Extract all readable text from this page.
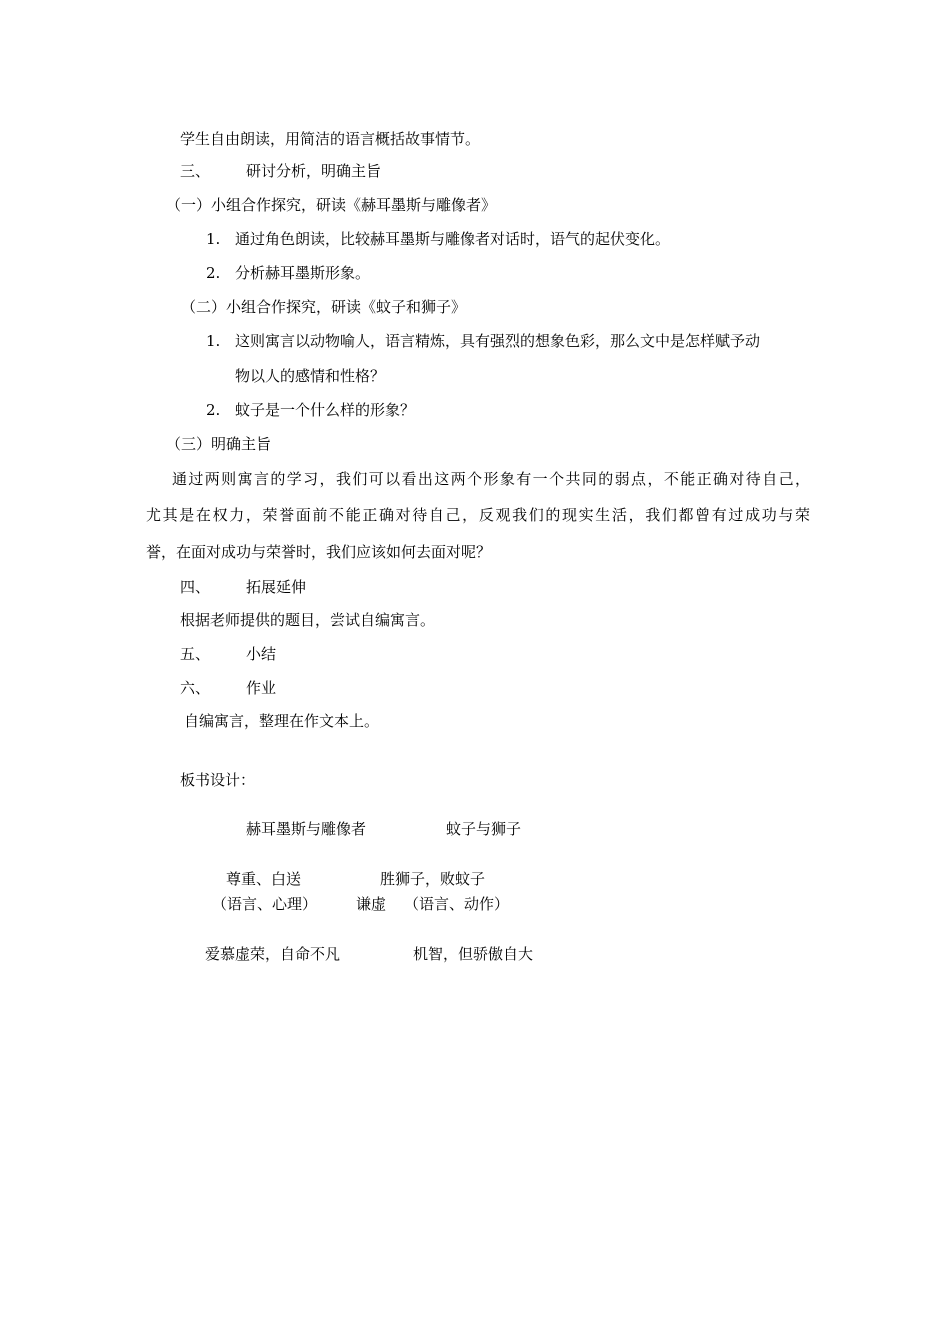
学生自由朗读，用简洁的语言概括故事情节。
三、 研讨分析，明确主旨
（一）小组合作探究，研读《赫耳墨斯与雕像者》
1. 通过角色朗读，比较赫耳墨斯与雕像者对话时，语气的起伏变化。
2. 分析赫耳墨斯形象。
（二）小组合作探究，研读《蚊子和狮子》
1. 这则寓言以动物喻人，语言精炼，具有强烈的想象色彩，那么文中是怎样赋予动
物以人的感情和性格？
2. 蚊子是一个什么样的形象？
（三）明确主旨
通过两则寓言的学习，我们可以看出这两个形象有一个共同的弱点，不能正确对待自己，
尤其是在权力，荣誉面前不能正确对待自己，反观我们的现实生活，我们都曾有过成功与荣
誉，在面对成功与荣誉时，我们应该如何去面对呢？
四、 拓展延伸
根据老师提供的题目，尝试自编寓言。
五、 小结
六、 作业
自编寓言，整理在作文本上。
板书设计：
赫耳墨斯与雕像者	蚊子与狮子
尊重、白送	胜狮子，败蚊子
（语言、心理）	谦虚 （语言、动作）
爱慕虚荣，自命不凡	机智，但骄傲自大
